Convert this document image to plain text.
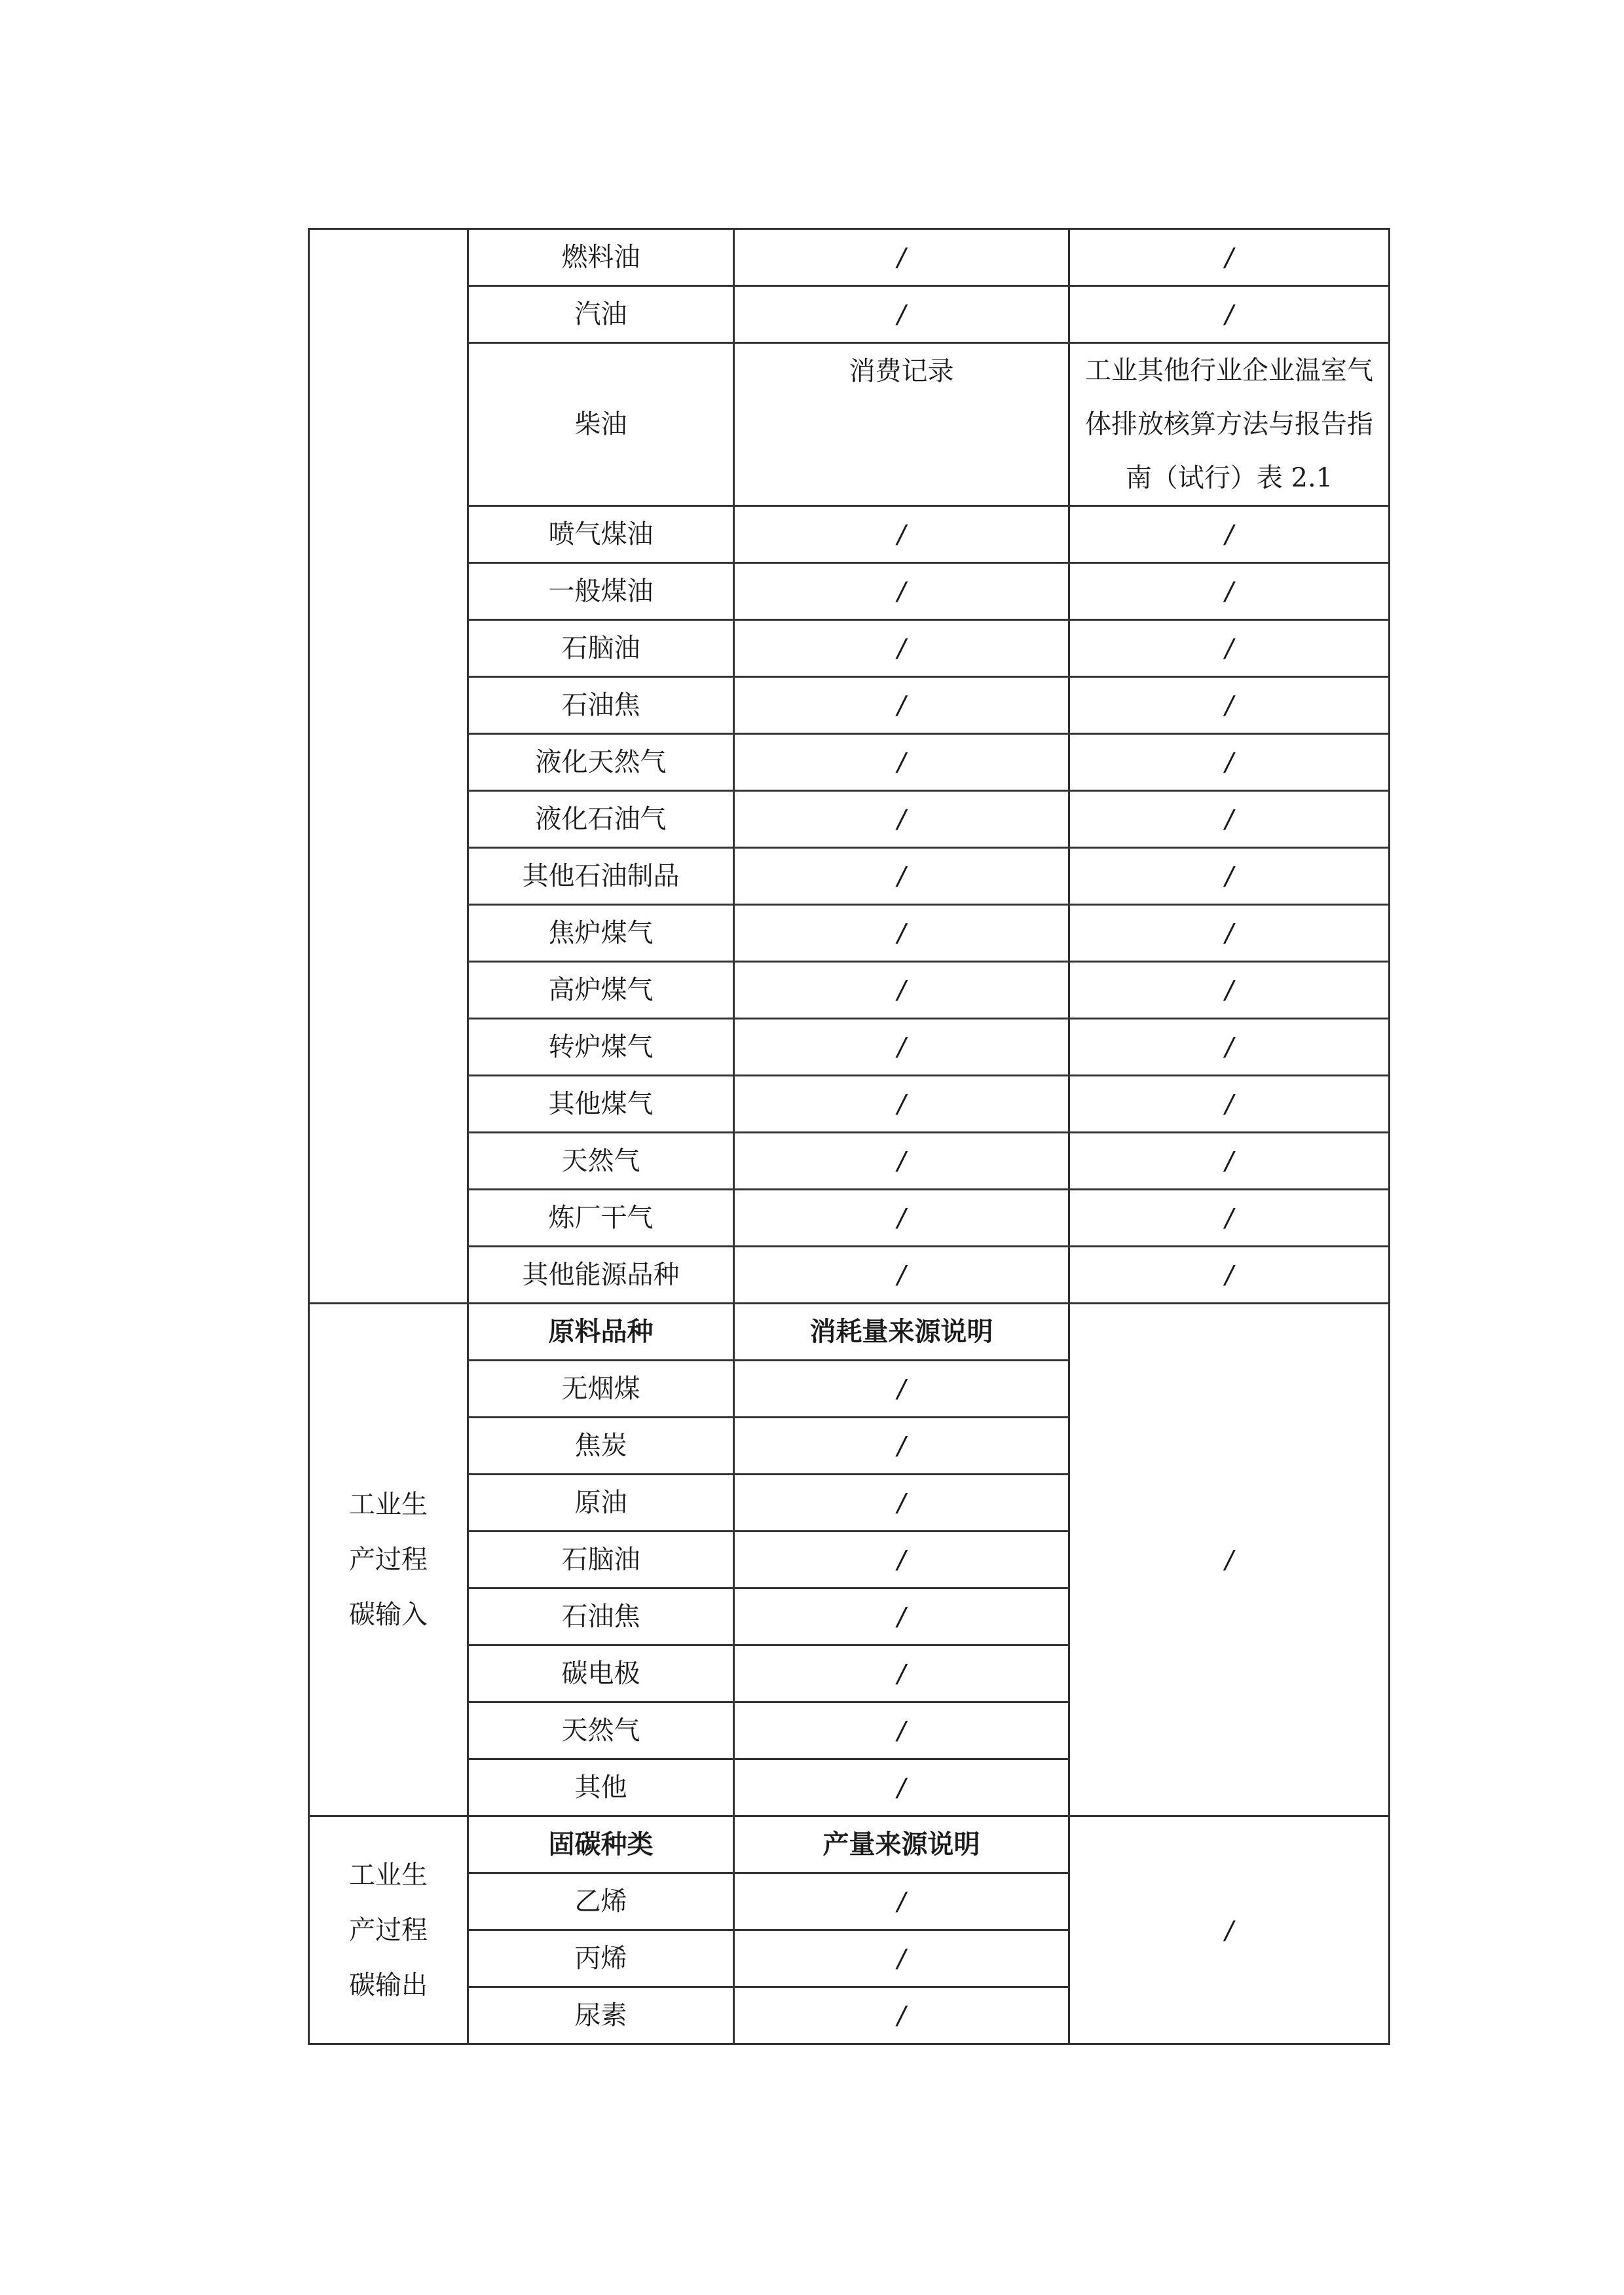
	燃料油	/	/
	汽油	/	/
	柴油	消费记录	工业其他行业企业温室气体排放核算方法与报告指南（试行）表 2.1
	喷气煤油	/	/
	一般煤油	/	/
	石脑油	/	/
	石油焦	/	/
	液化天然气	/	/
	液化石油气	/	/
	其他石油制品	/	/
	焦炉煤气	/	/
	高炉煤气	/	/
	转炉煤气	/	/
	其他煤气	/	/
	天然气	/	/
	炼厂干气	/	/
	其他能源品种	/	/
工业生产过程碳输入	原料品种	消耗量来源说明	/
	无烟煤	/	
	焦炭	/	
	原油	/	
	石脑油	/	
	石油焦	/	
	碳电极	/	
	天然气	/	
	其他	/	
工业生产过程碳输出	固碳种类	产量来源说明	/
	乙烯	/	
	丙烯	/	
	尿素	/	
